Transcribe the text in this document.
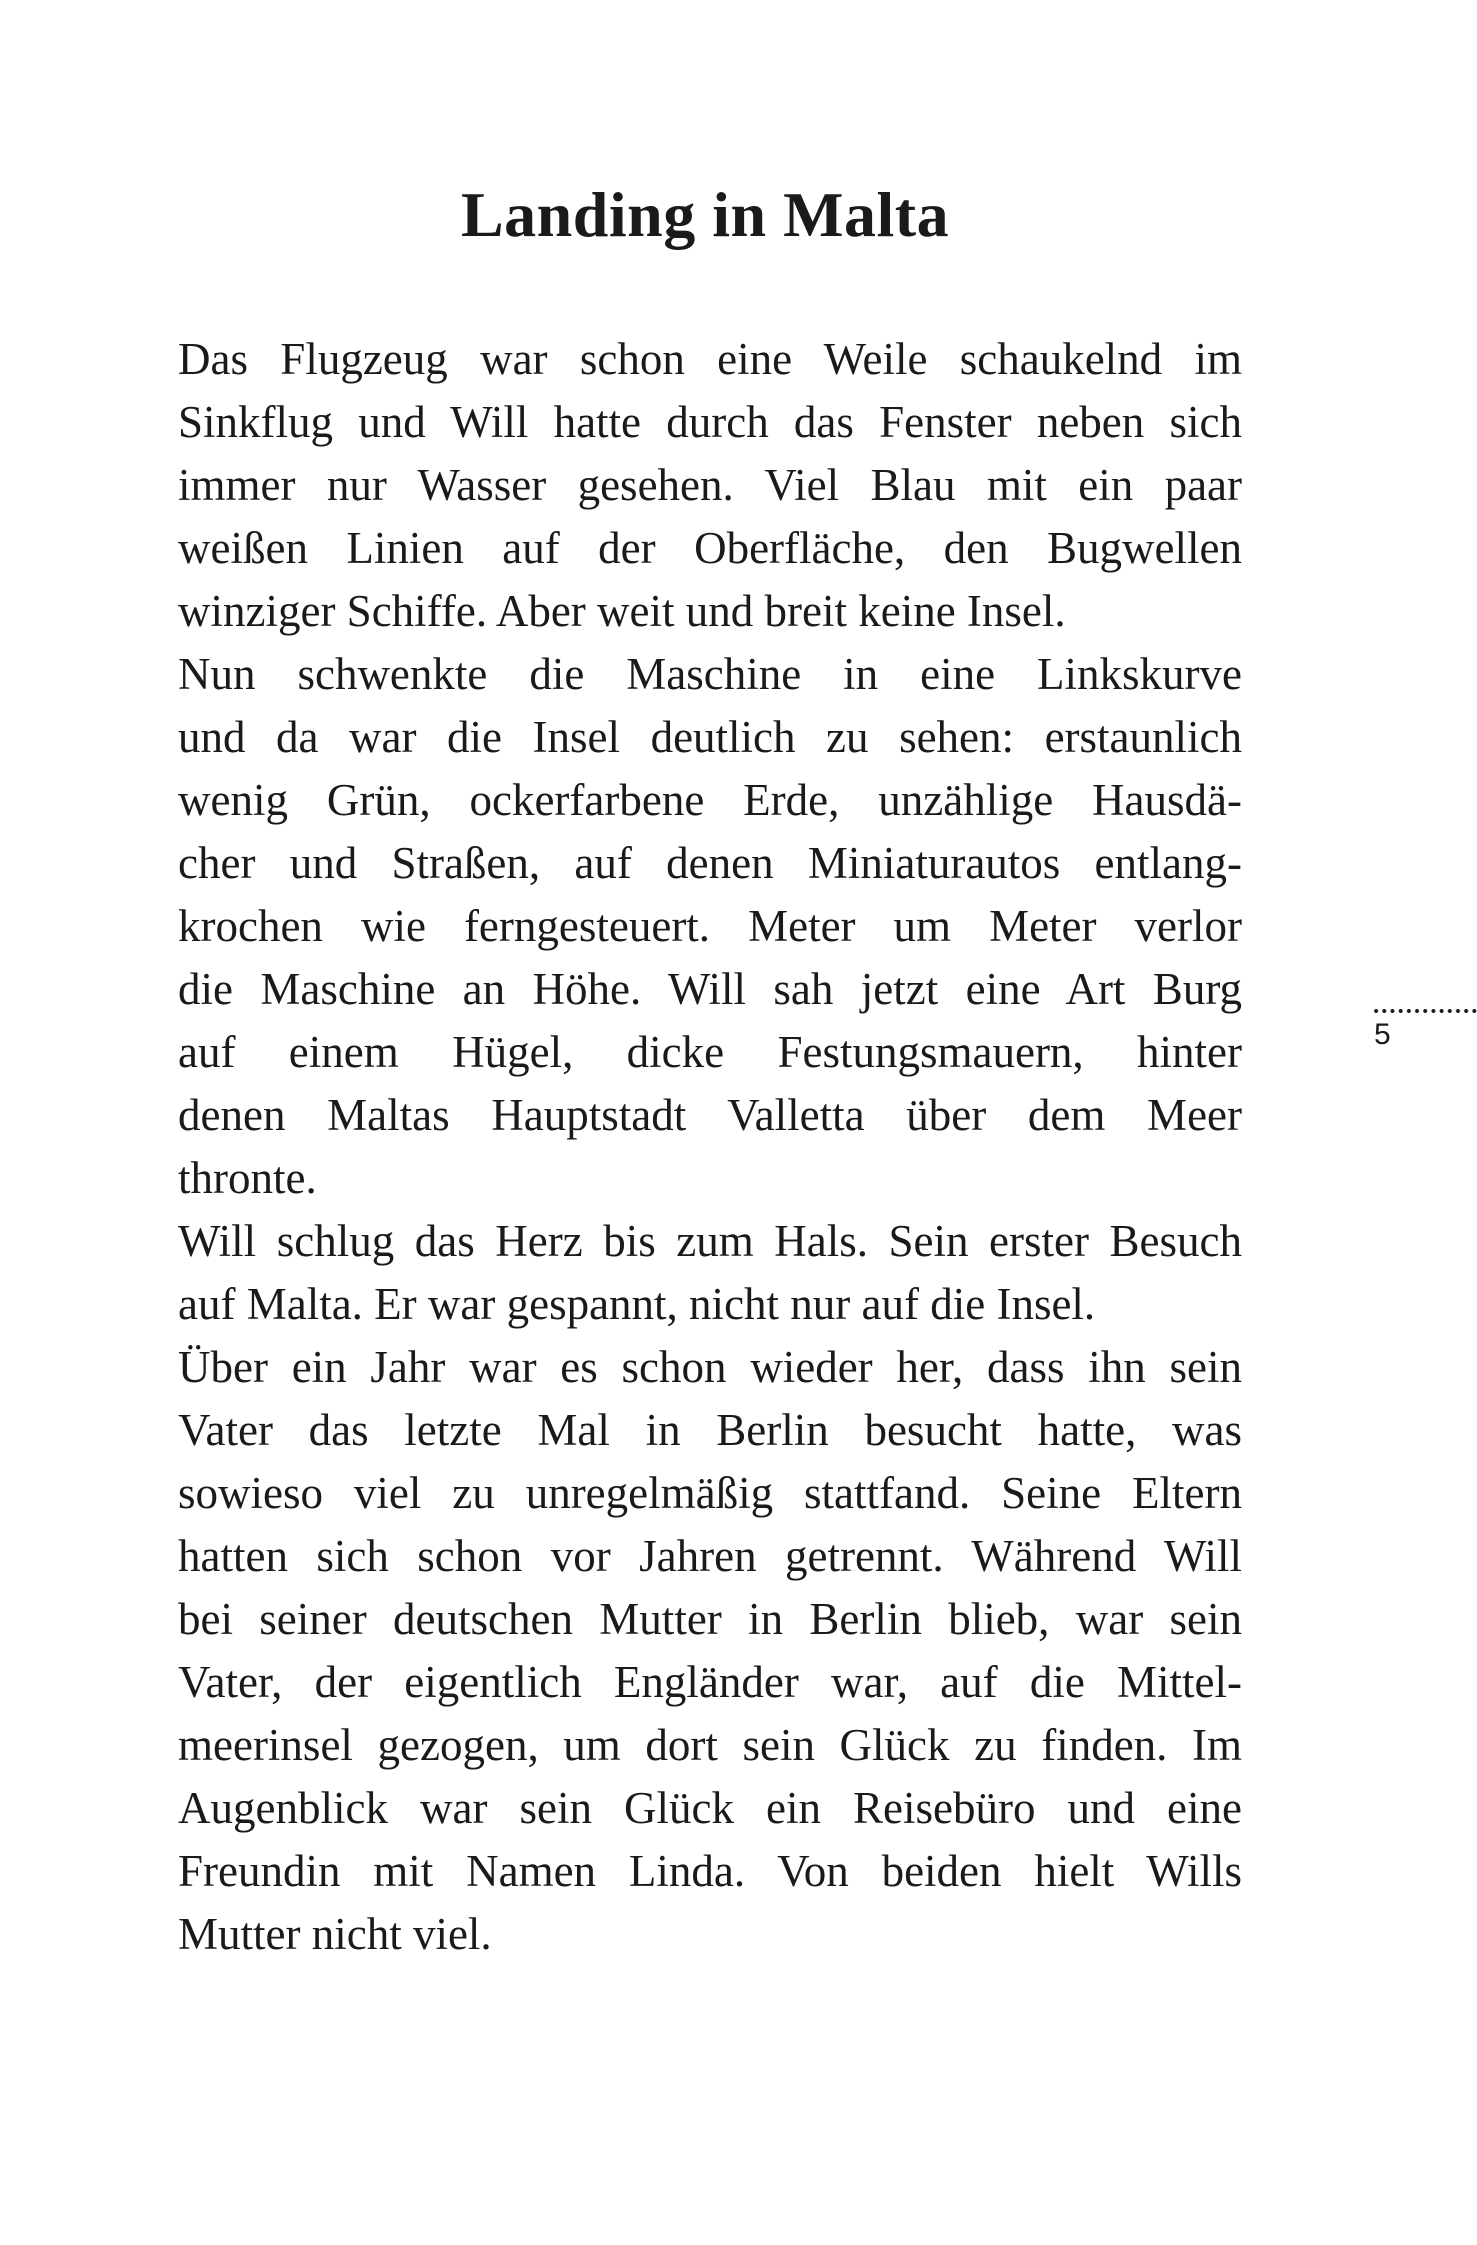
Landing in Malta
Das Flugzeug war schon eine Weile schaukelnd im
Sinkflug und Will hatte durch das Fenster neben sich
immer nur Wasser gesehen. Viel Blau mit ein paar
weißen Linien auf der Oberfläche, den Bugwellen
winziger Schiffe. Aber weit und breit keine Insel.
Nun schwenkte die Maschine in eine Linkskurve
und da war die Insel deutlich zu sehen: erstaunlich
wenig Grün, ockerfarbene Erde, unzählige Hausdä-
cher und Straßen, auf denen Miniaturautos entlang-
krochen wie ferngesteuert. Meter um Meter verlor
die Maschine an Höhe. Will sah jetzt eine Art Burg
auf einem Hügel, dicke Festungsmauern, hinter
denen Maltas Hauptstadt Valletta über dem Meer
thronte.
Will schlug das Herz bis zum Hals. Sein erster Besuch
auf Malta. Er war gespannt, nicht nur auf die Insel.
Über ein Jahr war es schon wieder her, dass ihn sein
Vater das letzte Mal in Berlin besucht hatte, was
sowieso viel zu unregelmäßig stattfand. Seine Eltern
hatten sich schon vor Jahren getrennt. Während Will
bei seiner deutschen Mutter in Berlin blieb, war sein
Vater, der eigentlich Engländer war, auf die Mittel-
meerinsel gezogen, um dort sein Glück zu finden. Im
Augenblick war sein Glück ein Reisebüro und eine
Freundin mit Namen Linda. Von beiden hielt Wills
Mutter nicht viel.
5
